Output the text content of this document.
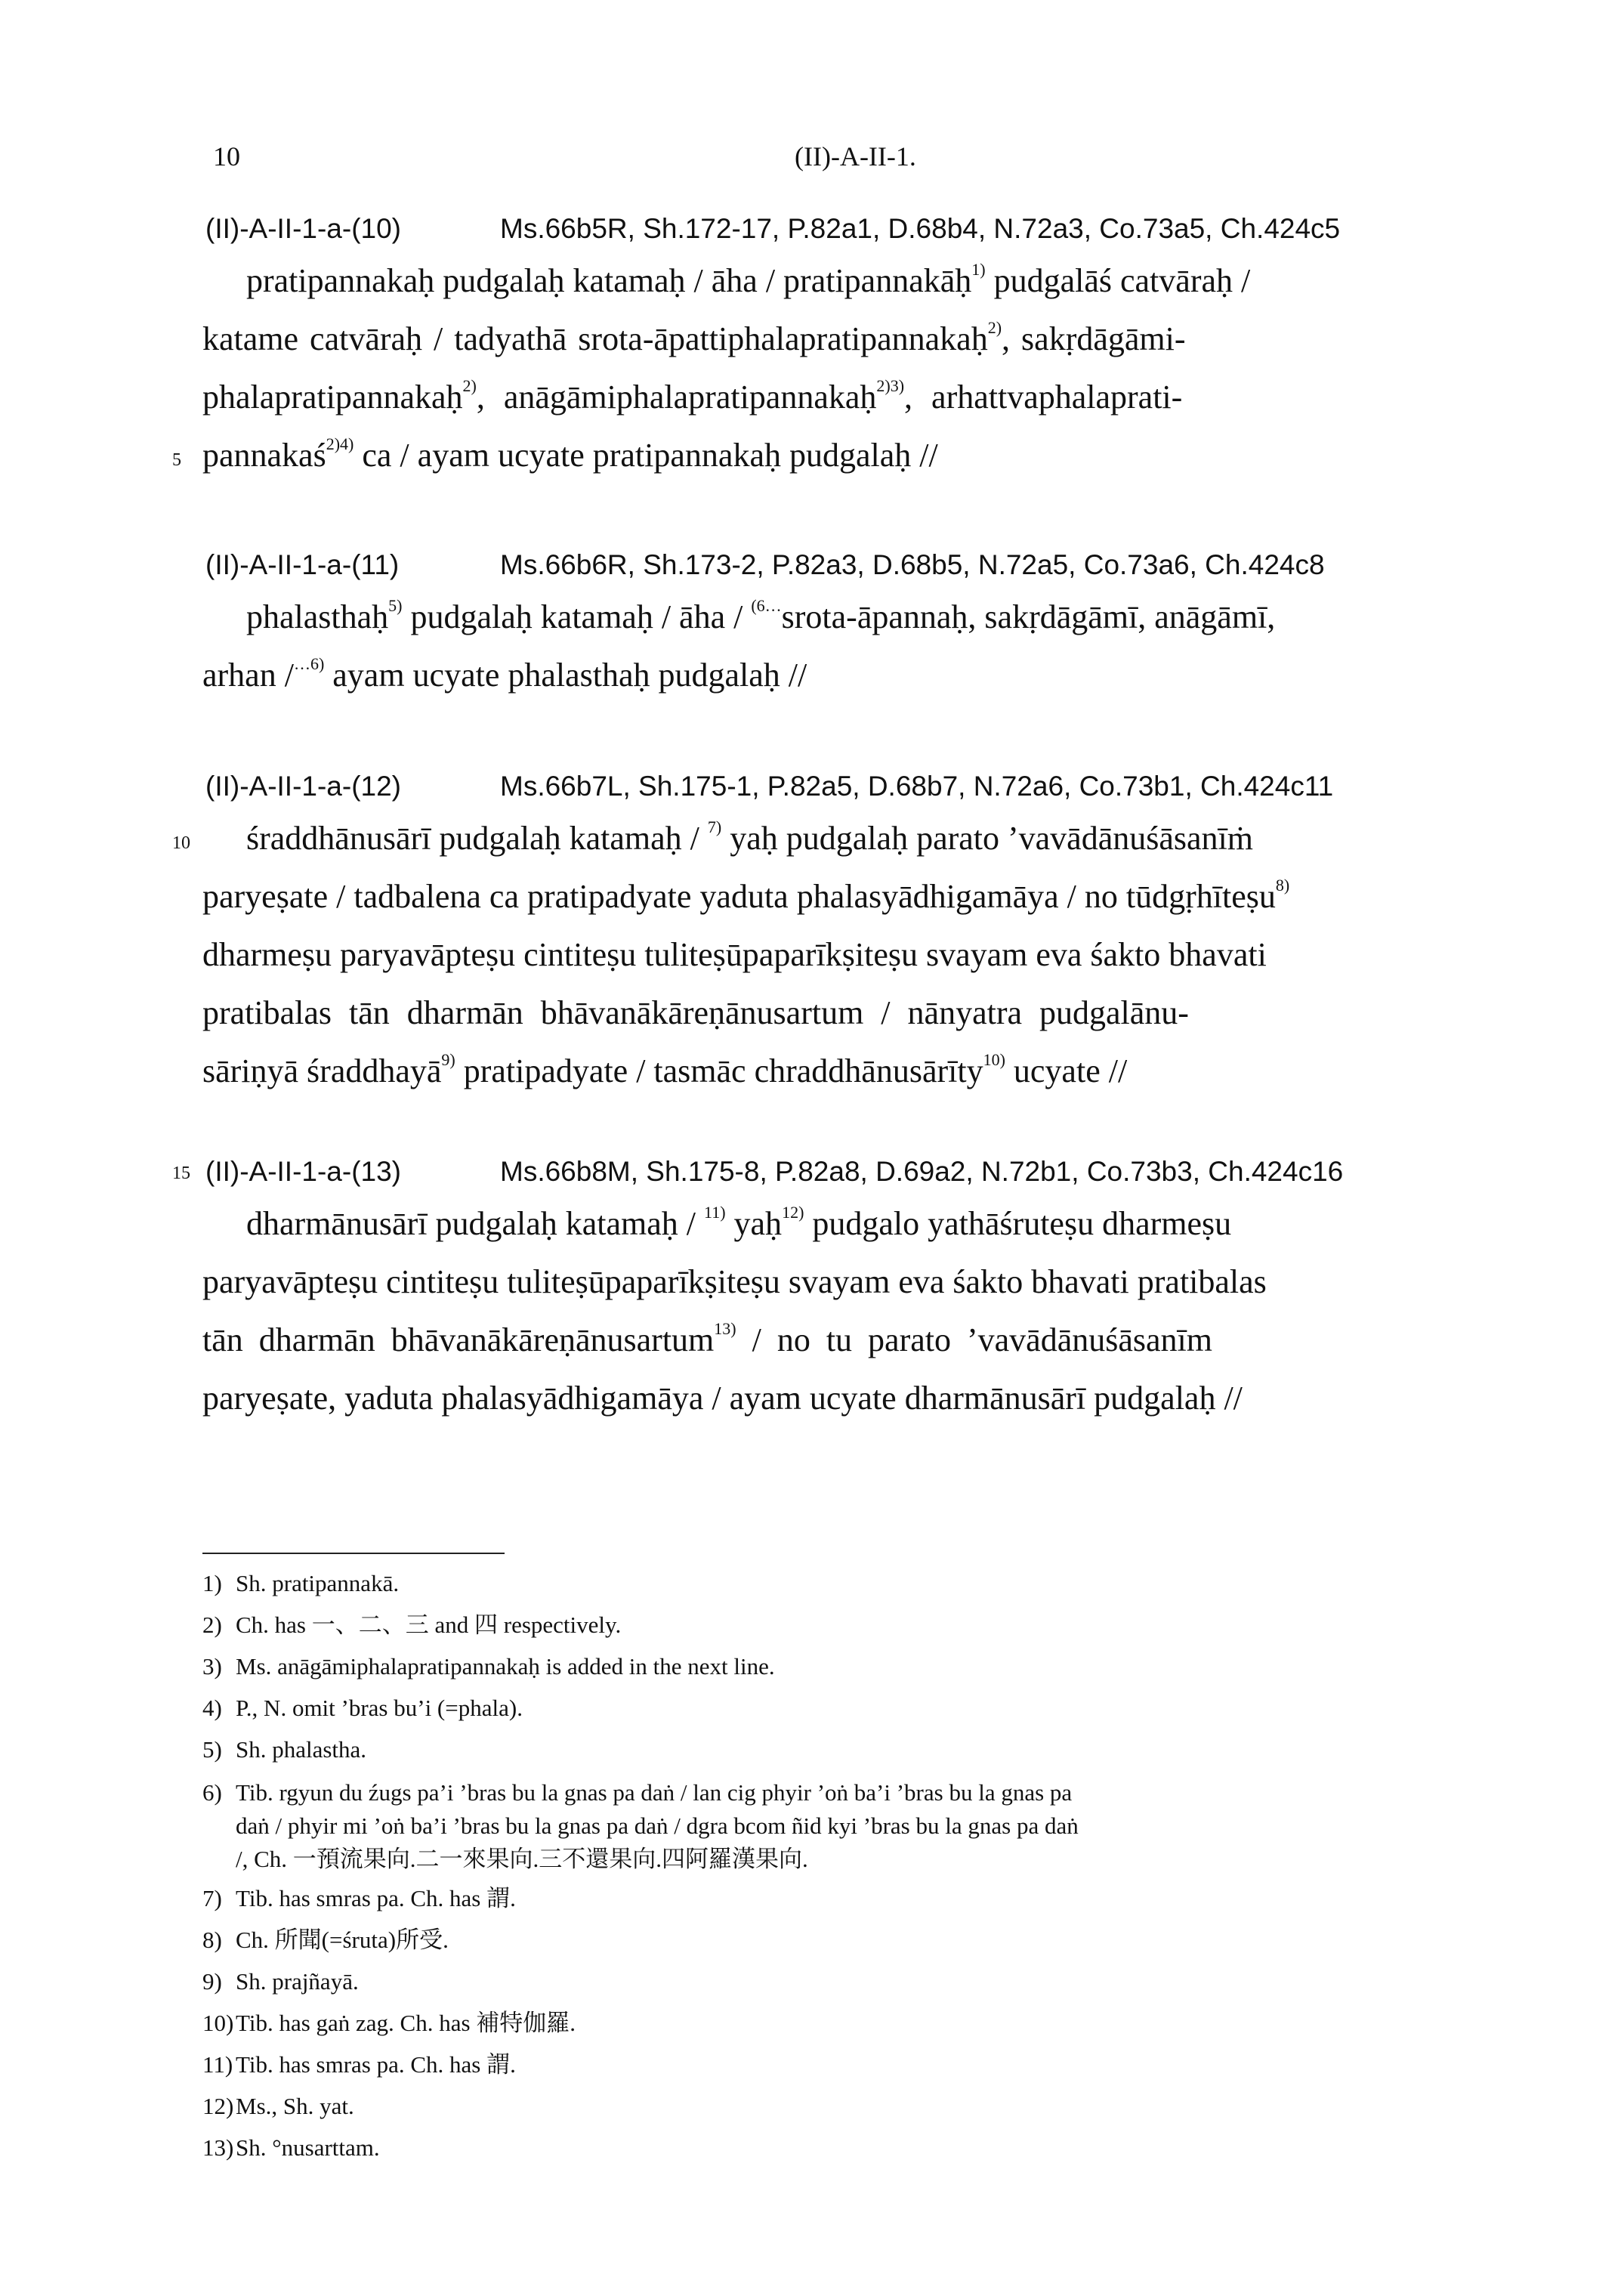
10	(II)-A-II-1.
(II)-A-II-1-a-(10)	Ms.66b5R, Sh.172-17, P.82a1, D.68b4, N.72a3, Co.73a5, Ch.424c5
pratipannakaḥ pudgalaḥ katamaḥ / āha / pratipannakāḥ$^{1)}$ pudgalāś catvāraḥ /
katame catvāraḥ / tadyathā srota-āpattiphalapratipannakaḥ$^{2)}$, sakṛdāgāmi-
phalapratipannakaḥ$^{2)}$, anāgāmiphalapratipannakaḥ$^{2)3)}$, arhattvaphalaprati-
5 pannakaś$^{2)4)}$ ca / ayam ucyate pratipannakaḥ pudgalaḥ //
(II)-A-II-1-a-(11)	Ms.66b6R, Sh.173-2, P.82a3, D.68b5, N.72a5, Co.73a6, Ch.424c8
phalasthaḥ$^{5)}$ pudgalaḥ katamaḥ / āha / $^{(6\dots}$srota-āpannaḥ, sakṛdāgāmī, anāgāmī,
arhan /$^{\dots 6)}$ ayam ucyate phalasthaḥ pudgalaḥ //
(II)-A-II-1-a-(12)	Ms.66b7L, Sh.175-1, P.82a5, D.68b7, N.72a6, Co.73b1, Ch.424c11
10 śraddhānusārī pudgalaḥ katamaḥ / $^{7)}$ yaḥ pudgalaḥ parato ’vavādānuśāsanīṁ
paryeṣate / tadbalena ca pratipadyate yaduta phalasyādhigamāya / no tūdgṛhīteṣu$^{8)}$
dharmeṣu paryavāpteṣu cintiteṣu tuliteṣūpaparīkṣiteṣu svayam eva śakto bhavati
pratibalas tān dharmān bhāvanākāreṇānusartum / nānyatra pudgalānu-
sāriṇyā śraddhayā$^{9)}$ pratipadyate / tasmāc chraddhānusārīty$^{10)}$ ucyate //
15 (II)-A-II-1-a-(13)	Ms.66b8M, Sh.175-8, P.82a8, D.69a2, N.72b1, Co.73b3, Ch.424c16
dharmānusārī pudgalaḥ katamaḥ / $^{11)}$ yaḥ$^{12)}$ pudgalo yathāśruteṣu dharmeṣu
paryavāpteṣu cintiteṣu tuliteṣūpaparīkṣiteṣu svayam eva śakto bhavati pratibalas
tān dharmān bhāvanākāreṇānusartum$^{13)}$ / no tu parato ’vavādānuśāsanīm
paryeṣate, yaduta phalasyādhigamāya / ayam ucyate dharmānusārī pudgalaḥ //
1) Sh. pratipannakā.
2) Ch. has 一、二、三 and 四 respectively.
3) Ms. anāgāmiphalapratipannakaḥ is added in the next line.
4) P., N. omit ’bras bu’i (=phala).
5) Sh. phalastha.
6) Tib. rgyun du źugs pa’i ’bras bu la gnas pa daṅ / lan cig phyir ’oṅ ba’i ’bras bu la gnas pa
daṅ / phyir mi ’oṅ ba’i ’bras bu la gnas pa daṅ / dgra bcom ñid kyi ’bras bu la gnas pa daṅ
/, Ch. 一預流果向.二一來果向.三不還果向.四阿羅漢果向.
7) Tib. has smras pa. Ch. has 謂.
8) Ch. 所聞(=śruta)所受.
9) Sh. prajñayā.
10)Tib. has gaṅ zag. Ch. has 補特伽羅.
11) Tib. has smras pa. Ch. has 謂.
12)Ms., Sh. yat.
13)Sh. °nusarttam.
